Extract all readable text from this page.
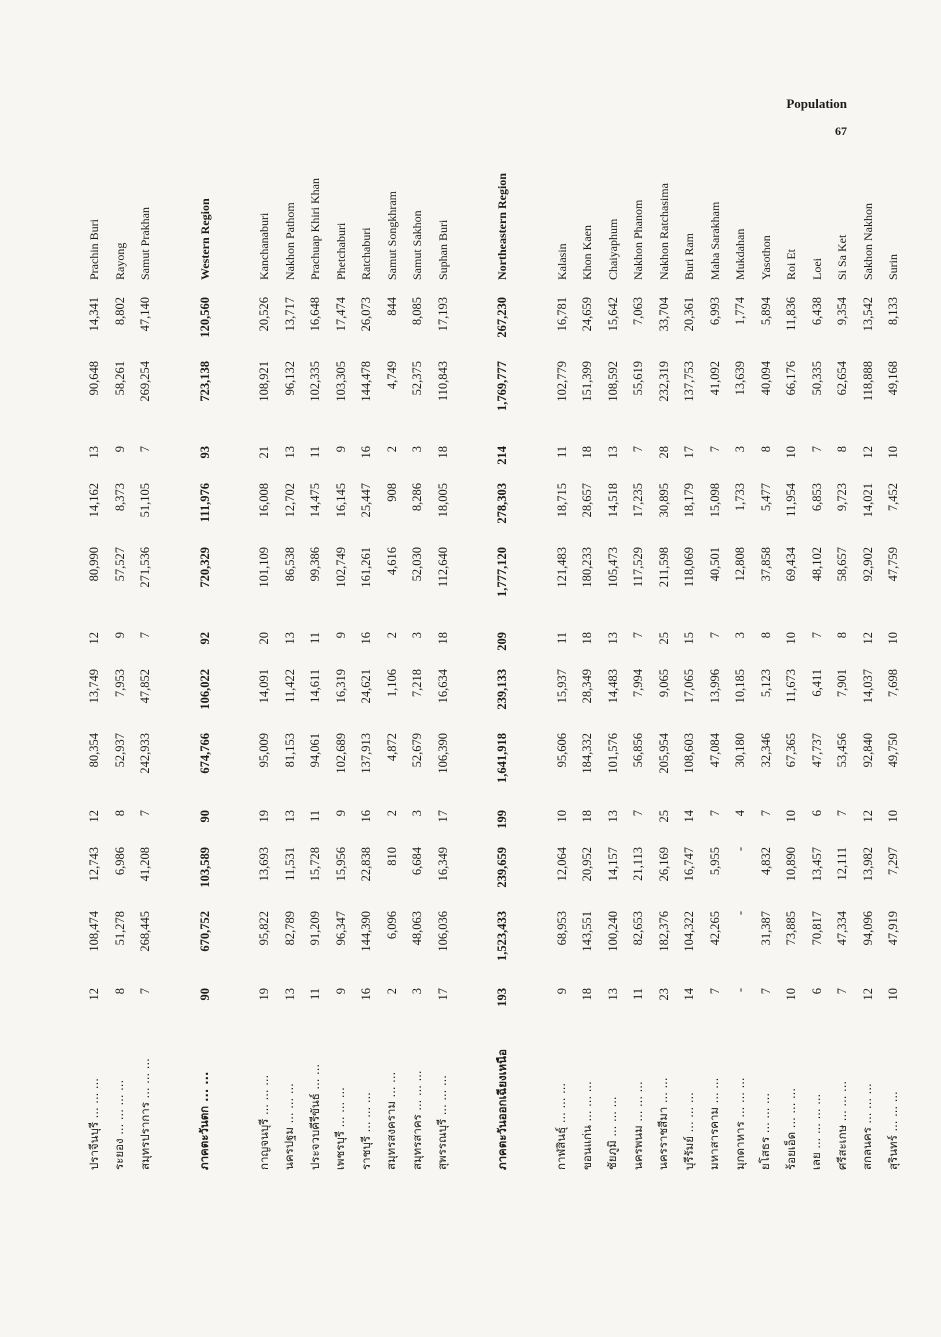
Population
67
ปราจีนบุรี ... ... ...	12	108,474	12,743	12	80,354	13,749	12	80,990	14,162	13	90,648	14,341	Prachin Buri
ระยอง ... ... ... ...	8	51,278	6,986	8	52,937	7,953	9	57,527	8,373	9	58,261	8,802	Rayong
สมุทรปราการ ... ... ...	7	268,445	41,208	7	242,933	47,852	7	271,536	51,105	7	269,254	47,140	Samut Prakhan

ภาคตะวันตก ... ...	90	670,752	103,589	90	674,766	106,022	92	720,329	111,976	93	723,138	120,560	Western Region

กาญจนบุรี ... ... ...	19	95,822	13,693	19	95,009	14,091	20	101,109	16,008	21	108,921	20,526	Kanchanaburi
นครปฐม ... ... ...	13	82,789	11,531	13	81,153	11,422	13	86,538	12,702	13	96,132	13,717	Nakhon Pathom
ประจวบคีรีขันธ์ ... ...	11	91,209	15,728	11	94,061	14,611	11	99,386	14,475	11	102,335	16,648	Prachuap Khiri Khan
เพชรบุรี ... ... ...	9	96,347	15,956	9	102,689	16,319	9	102,749	16,145	9	103,305	17,474	Phetchaburi
ราชบุรี ... ... ...	16	144,390	22,838	16	137,913	24,621	16	161,261	25,447	16	144,478	26,073	Ratchaburi
สมุทรสงคราม ... ...	2	6,096	810	2	4,872	1,106	2	4,616	908	2	4,749	844	Samut Songkhram
สมุทรสาคร ... ... ...	3	48,063	6,684	3	52,679	7,218	3	52,030	8,286	3	52,375	8,085	Samut Sakhon
สุพรรณบุรี ... ... ...	17	106,036	16,349	17	106,390	16,634	18	112,640	18,005	18	110,843	17,193	Suphan Buri

ภาคตะวันออกเฉียงเหนือ	193	1,523,433	239,659	199	1,641,918	239,133	209	1,777,120	278,303	214	1,769,777	267,230	Northeastern Region

กาฬสินธุ์ ... ... ...	9	68,953	12,064	10	95,606	15,937	11	121,483	18,715	11	102,779	16,781	Kalasin
ขอนแก่น ... ... ...	18	143,551	20,952	18	184,332	28,349	18	180,233	28,657	18	151,399	24,659	Khon Kaen
ชัยภูมิ ... ... ...	13	100,240	14,157	13	101,576	14,483	13	105,473	14,518	13	108,592	15,642	Chaiyaphum
นครพนม ... ... ...	11	82,653	21,113	7	56,856	7,994	7	117,529	17,235	7	55,619	7,063	Nakhon Phanom
นครราชสีมา ... ...	23	182,376	26,169	25	205,954	9,065	25	211,598	30,895	28	232,319	33,704	Nakhon Ratchasima
บุรีรัมย์ ... ... ...	14	104,322	16,747	14	108,603	17,065	15	118,069	18,179	17	137,753	20,361	Buri Ram
มหาสารคาม ... ...	7	42,265	5,955	7	47,084	13,996	7	40,501	15,098	7	41,092	6,993	Maha Sarakham
มุกดาหาร ... ... ...	-	-	-	4	30,180	10,185	3	12,808	1,733	3	13,639	1,774	Mukdahan
ยโสธร ... ... ...	7	31,387	4,832	7	32,346	5,123	8	37,858	5,477	8	40,094	5,894	Yasothon
ร้อยเอ็ด ... ... ...	10	73,885	10,890	10	67,365	11,673	10	69,434	11,954	10	66,176	11,836	Roi Et
เลย ... ... ... ...	6	70,817	13,457	6	47,737	6,411	7	48,102	6,853	7	50,335	6,438	Loei
ศรีสะเกษ ... ... ...	7	47,334	12,111	7	53,456	7,901	8	58,657	9,723	8	62,654	9,354	Si Sa Ket
สกลนคร ... ... ...	12	94,096	13,982	12	92,840	14,037	12	92,902	14,021	12	118,888	13,542	Sakhon Nakhon
สุรินทร์ ... ... ...	10	47,919	7,297	10	49,750	7,698	10	47,759	7,452	10	49,168	8,133	Surin
